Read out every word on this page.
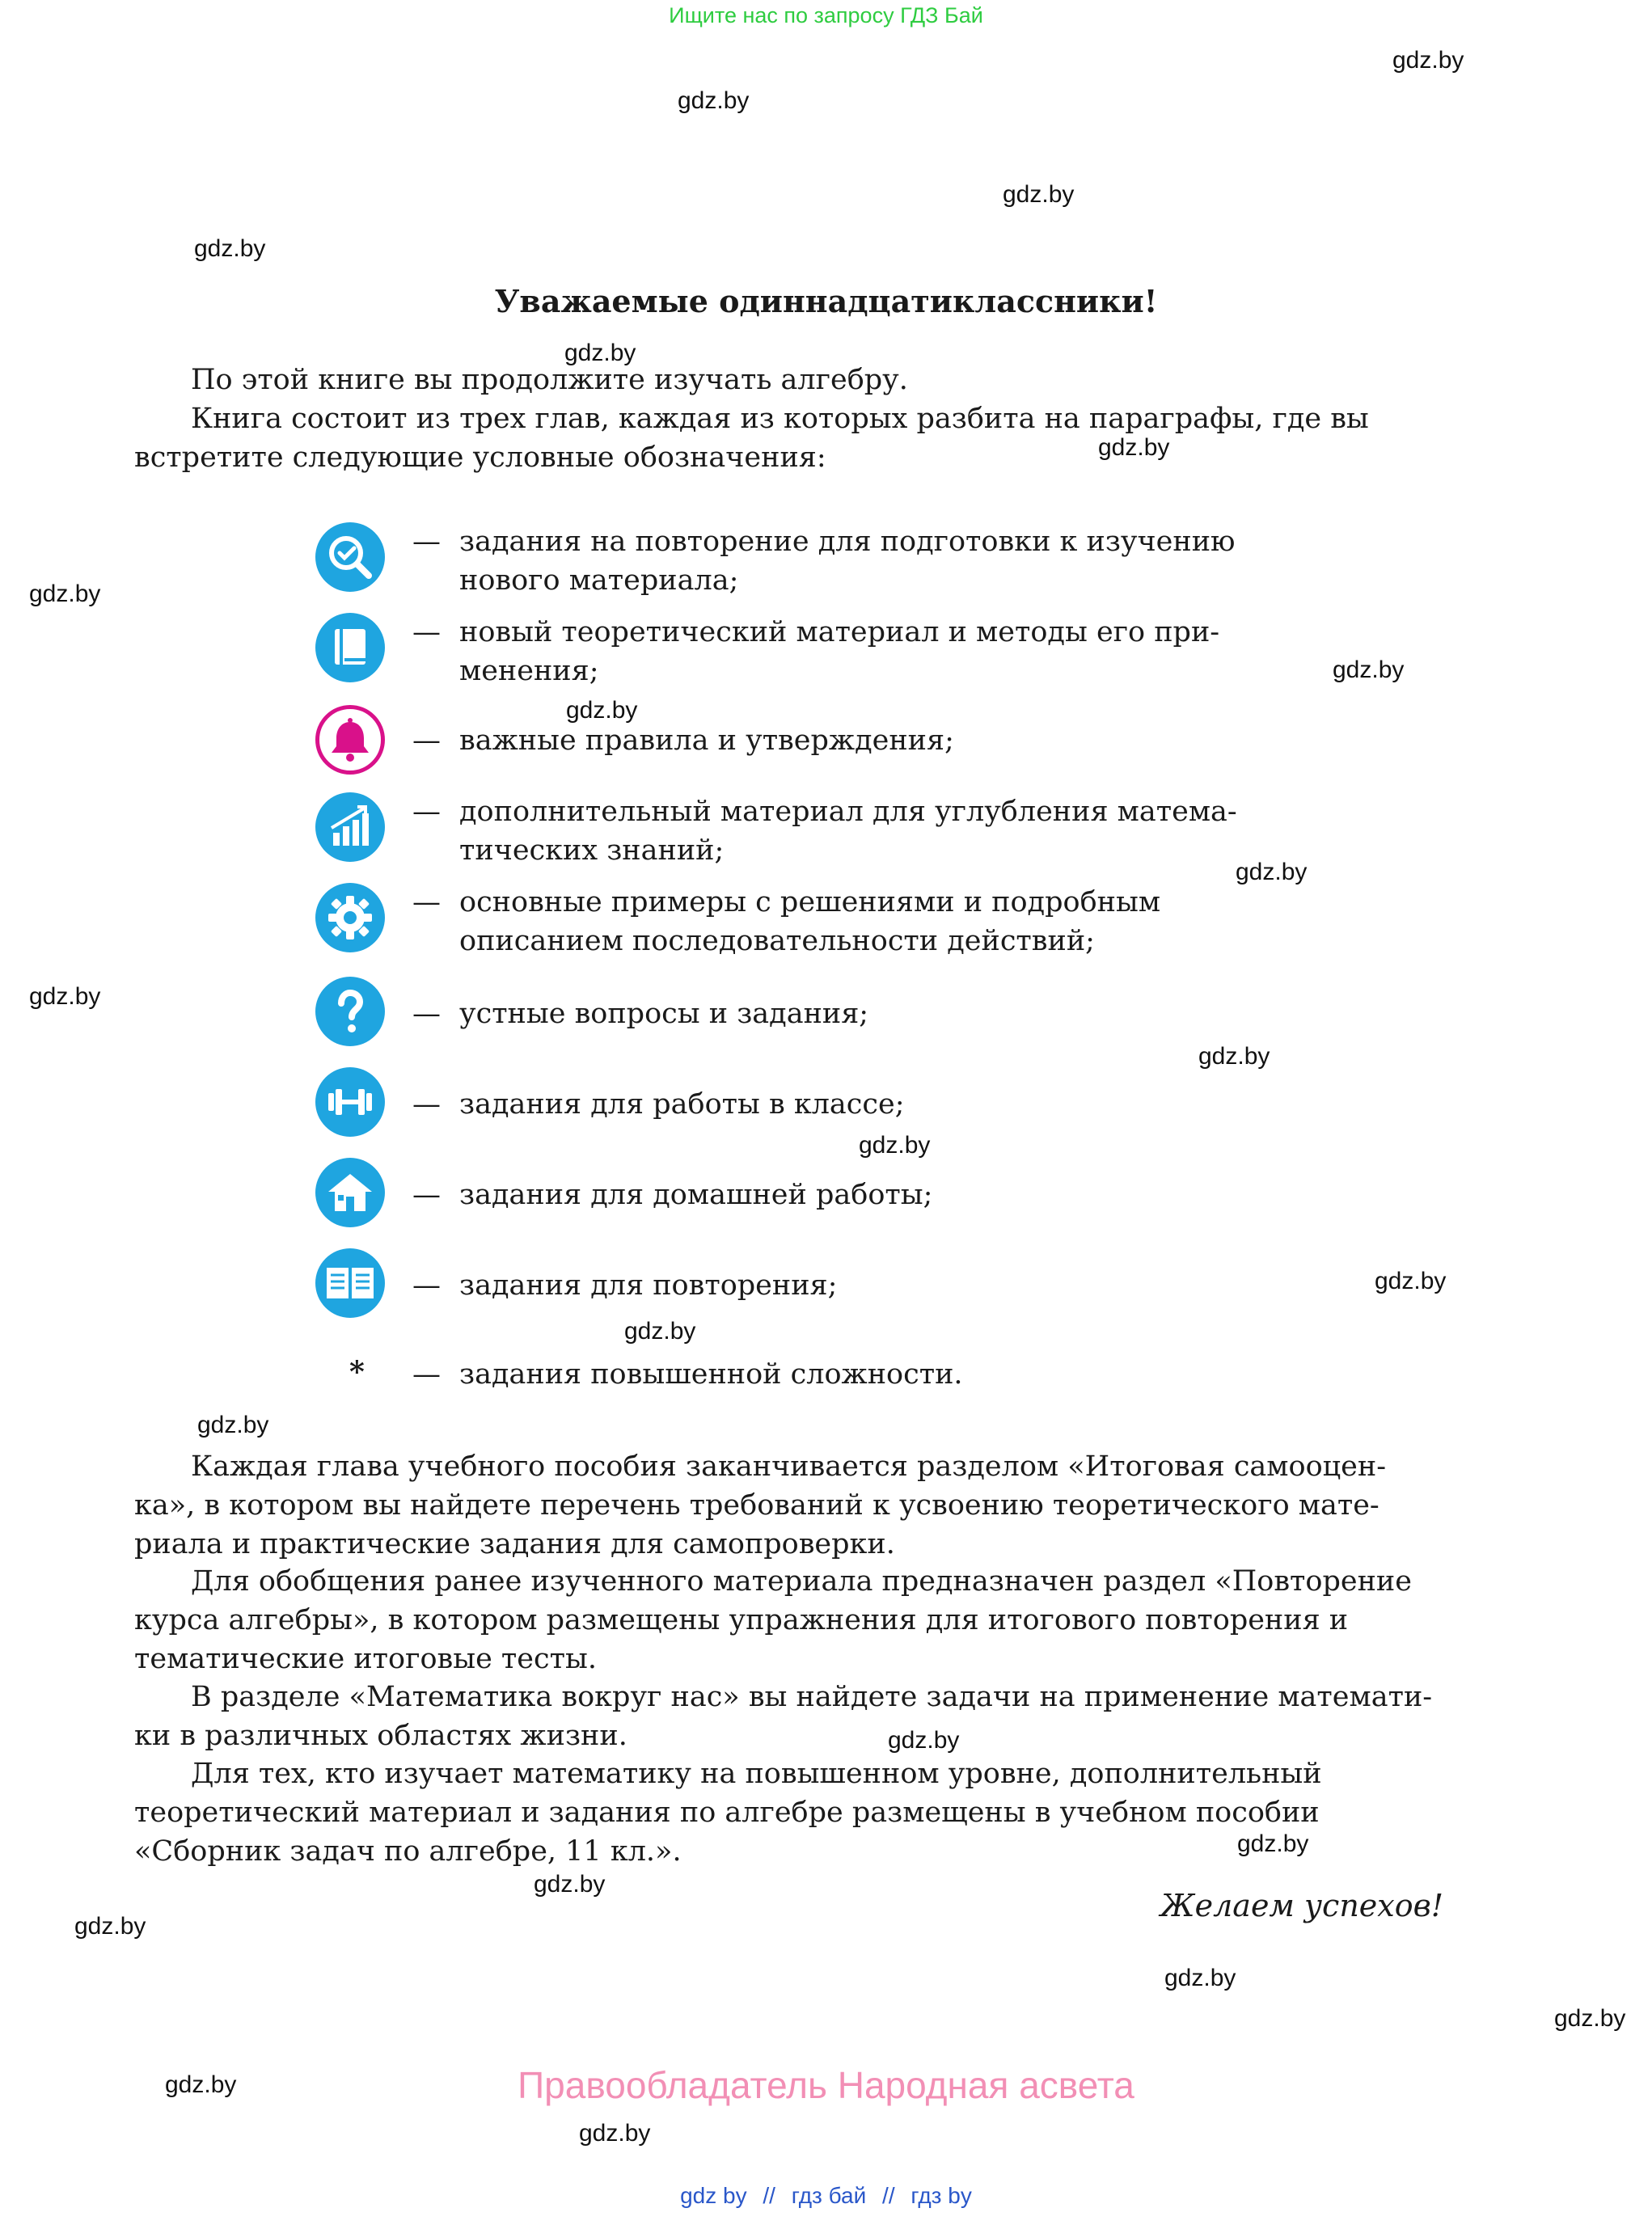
Ищите нас по запросу ГДЗ Бай
gdz.by
gdz.by
gdz.by
gdz.by
gdz.by
gdz.by
gdz.by
gdz.by
gdz.by
gdz.by
gdz.by
gdz.by
gdz.by
gdz.by
gdz.by
gdz.by
gdz.by
gdz.by
gdz.by
gdz.by
gdz.by
gdz.by
gdz.by
gdz.by
Уважаемые одиннадцатиклассники!
По этой книге вы продолжите изучать алгебру.
Книга состоит из трех глав, каждая из которых разбита на параграфы, где вы
встретите следующие условные обозначения:
— задания на повторение для подготовки к изучению
нового материала;
— новый теоретический материал и методы его при-
менения;
— важные правила и утверждения;
— дополнительный материал для углубления матема-
тических знаний;
— основные примеры с решениями и подробным
описанием последовательности действий;
— устные вопросы и задания;
— задания для работы в классе;
— задания для домашней работы;
— задания для повторения;
* — задания повышенной сложности.
Каждая глава учебного пособия заканчивается разделом «Итоговая самооцен-
ка», в котором вы найдете перечень требований к усвоению теоретического мате-
риала и практические задания для самопроверки.
Для обобщения ранее изученного материала предназначен раздел «Повторение
курса алгебры», в котором размещены упражнения для итогового повторения и
тематические итоговые тесты.
В разделе «Математика вокруг нас» вы найдете задачи на применение математи-
ки в различных областях жизни.
Для тех, кто изучает математику на повышенном уровне, дополнительный
теоретический материал и задания по алгебре размещены в учебном пособии
«Сборник задач по алгебре, 11 кл.».
Желаем успехов!
Правообладатель Народная асвета
gdz by // гдз бай // гдз by
